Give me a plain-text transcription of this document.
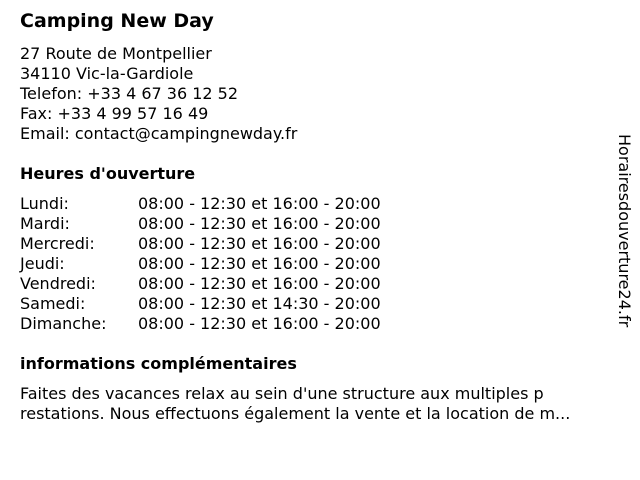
Camping New Day
27 Route de Montpellier
34110 Vic-la-Gardiole
Telefon: +33 4 67 36 12 52
Fax: +33 4 99 57 16 49
Email: contact@campingnewday.fr
Heures d'ouverture
Lundi:	08:00 - 12:30 et 16:00 - 20:00
Mardi:	08:00 - 12:30 et 16:00 - 20:00
Mercredi:	08:00 - 12:30 et 16:00 - 20:00
Jeudi:	08:00 - 12:30 et 16:00 - 20:00
Vendredi:	08:00 - 12:30 et 16:00 - 20:00
Samedi:	08:00 - 12:30 et 14:30 - 20:00
Dimanche: 08:00 - 12:30 et 16:00 - 20:00
informations complémentaires
Faites des vacances relax au sein d'une structure aux multiples p
restations. Nous effectuons également la vente et la location de m...
Horairesdouverture24.fr
